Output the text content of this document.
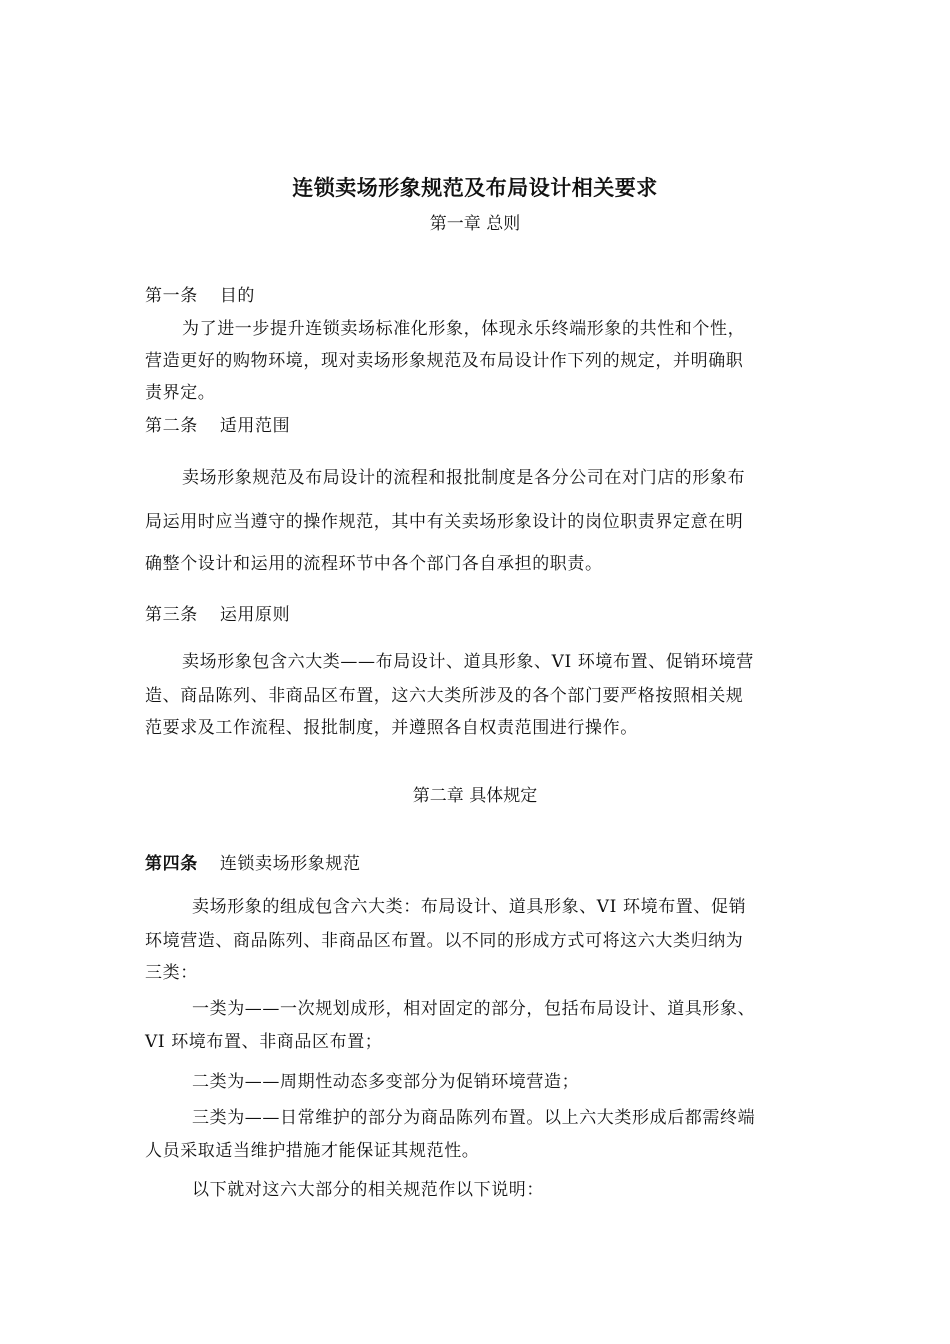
连锁卖场形象规范及布局设计相关要求
第一章 总则
第一条 目的
为了进一步提升连锁卖场标准化形象，体现永乐终端形象的共性和个性，
营造更好的购物环境，现对卖场形象规范及布局设计作下列的规定，并明确职
责界定。
第二条 适用范围
卖场形象规范及布局设计的流程和报批制度是各分公司在对门店的形象布
局运用时应当遵守的操作规范，其中有关卖场形象设计的岗位职责界定意在明
确整个设计和运用的流程环节中各个部门各自承担的职责。
第三条 运用原则
卖场形象包含六大类——布局设计、道具形象、VI 环境布置、促销环境营
造、商品陈列、非商品区布置，这六大类所涉及的各个部门要严格按照相关规
范要求及工作流程、报批制度，并遵照各自权责范围进行操作。
第二章 具体规定
第四条 连锁卖场形象规范
卖场形象的组成包含六大类：布局设计、道具形象、VI 环境布置、促销
环境营造、商品陈列、非商品区布置。以不同的形成方式可将这六大类归纳为
三类：
一类为——一次规划成形，相对固定的部分，包括布局设计、道具形象、
VI 环境布置、非商品区布置；
二类为——周期性动态多变部分为促销环境营造；
三类为——日常维护的部分为商品陈列布置。以上六大类形成后都需终端
人员采取适当维护措施才能保证其规范性。
以下就对这六大部分的相关规范作以下说明：
